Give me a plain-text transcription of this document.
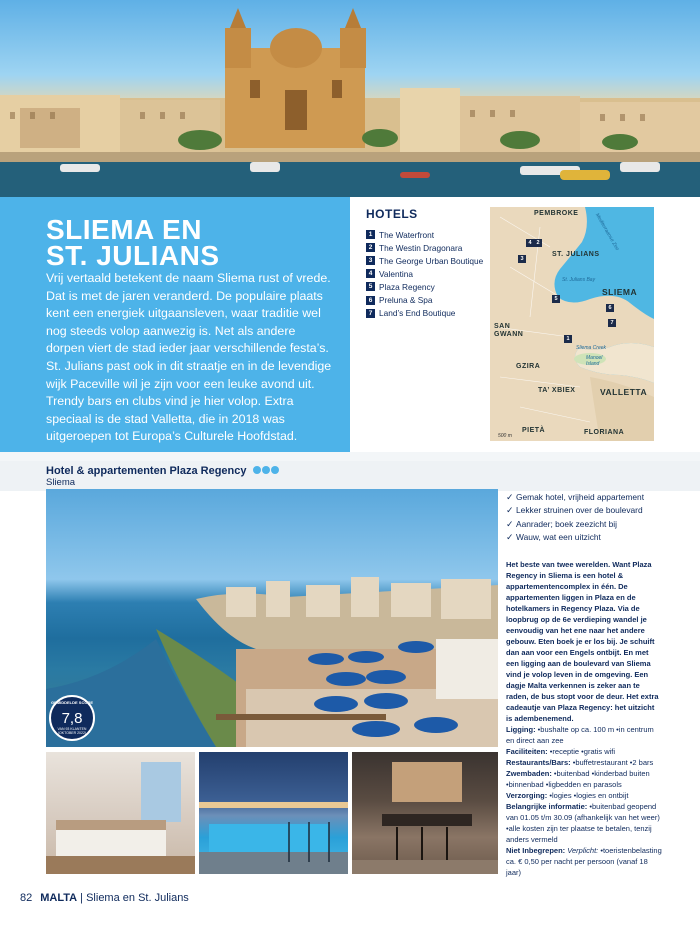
SLIEMA EN
ST. JULIANS
Vrij vertaald betekent de naam Sliema rust of vrede. Dat is met de jaren veranderd. De populaire plaats kent een energiek uitgaansleven, waar traditie wel nog steeds volop aanwezig is. Net als andere dorpen viert de stad ieder jaar verschillende festa’s. St. Julians past ook in dit straatje en in de levendige wijk Paceville wil je zijn voor een leuke avond uit. Trendy bars en clubs vind je hier volop. Extra speciaal is de stad Valletta, die in 2018 was uitgeroepen tot Europa’s Culturele Hoofdstad.
HOTELS
1 The Waterfront
2 The Westin Dragonara
3 The George Urban Boutique
4 Valentina
5 Plaza Regency
6 Preluna & Spa
7 Land’s End Boutique
PEMBROKE
ST. JULIANS
SLIEMA
SAN
GWANN
GZIRA
TA’ XBIEX	VALLETTA
PIETÀ	FLORIANA
Mediterraanse Zee
St. Julians Bay
Sliema Creek
Manoel
Island
500 m
4 2
3
5
6
7
1
Hotel & appartementen Plaza Regency
Sliema
GEMIDDELDE SCORE
7,8
VAN 93 KLANTEN (OKTOBER 2022)
✓ Gemak hotel, vrijheid appartement
✓ Lekker struinen over de boulevard
✓ Aanrader; boek zeezicht bij
✓ Wauw, wat een uitzicht

Het beste van twee werelden. Want Plaza Regency in Sliema is een hotel & appartementencomplex in één. De appartementen liggen in Plaza en de hotelkamers in Regency Plaza. Via de loopbrug op de 6e verdieping wandel je eenvoudig van het ene naar het andere gebouw. Eten boek je er los bij. Je schuift dan aan voor een Engels ontbijt. En met een ligging aan de boulevard van Sliema vind je volop leven in de omgeving. Een dagje Malta verkennen is zeker aan te raden, de bus stopt voor de deur. Het extra cadeautje van Plaza Regency: het uitzicht is adembenemend.

Ligging: •bushalte op ca. 100 m •in centrum en direct aan zee

Faciliteiten: •receptie •gratis wifi

Restaurants/Bars: •buffetrestaurant •2 bars

Zwembaden: •buitenbad •kinderbad buiten •binnenbad •ligbedden en parasols

Verzorging: •logies •logies en ontbijt

Belangrijke informatie: •buitenbad geopend van 01.05 t/m 30.09 (afhankelijk van het weer) •alle kosten zijn ter plaatse te betalen, tenzij anders vermeld

Niet Inbegrepen: Verplicht: •toeristenbelasting ca. € 0,50 per nacht per persoon (vanaf 18 jaar)

82 MALTA | Sliema en St. Julians
